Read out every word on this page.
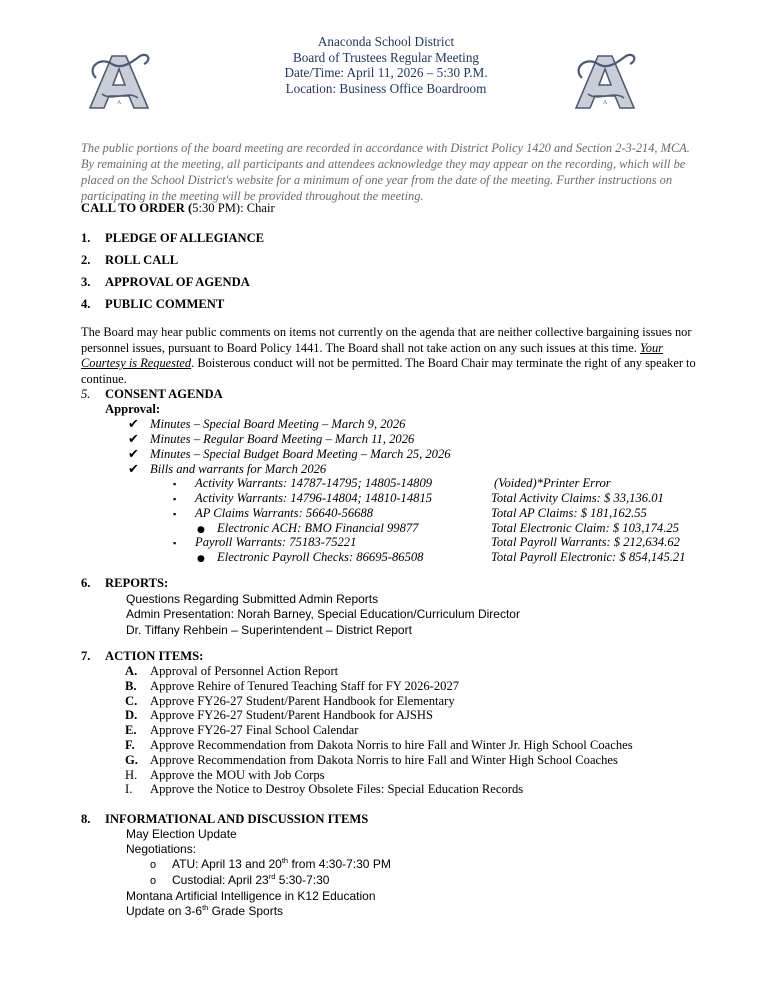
Anaconda School District
Board of Trustees Regular Meeting
Date/Time: April 11, 2026 – 5:30 P.M.
Location: Business Office Boardroom
A	A

The public portions of the board meeting are recorded in accordance with District Policy 1420 and Section 2-3-214, MCA. By remaining at the meeting, all participants and attendees acknowledge they may appear on the recording, which will be placed on the School District's website for a minimum of one year from the date of the meeting. Further instructions on participating in the meeting will be provided throughout the meeting.

CALL TO ORDER (5:30 PM): Chair
1. PLEDGE OF ALLEGIANCE
2. ROLL CALL
3. APPROVAL OF AGENDA
4. PUBLIC COMMENT

The Board may hear public comments on items not currently on the agenda that are neither collective bargaining issues nor personnel issues, pursuant to Board Policy 1441. The Board shall not take action on any such issues at this time. Your Courtesy is Requested. Boisterous conduct will not be permitted. The Board Chair may terminate the right of any speaker to continue.

5. CONSENT AGENDA
Approval:
✔ Minutes – Special Board Meeting – March 9, 2026
✔ Minutes – Regular Board Meeting – March 11, 2026
✔ Minutes – Special Budget Board Meeting – March 25, 2026
✔ Bills and warrants for March 2026
▪ Activity Warrants: 14787-14795; 14805-14809	(Voided)*Printer Error
▪ Activity Warrants: 14796-14804; 14810-14815	Total Activity Claims: $ 33,136.01
▪ AP Claims Warrants: 56640-56688	Total AP Claims: $ 181,162.55
● Electronic ACH: BMO Financial 99877	Total Electronic Claim: $ 103,174.25
▪ Payroll Warrants: 75183-75221	Total Payroll Warrants: $ 212,634.62
● Electronic Payroll Checks: 86695-86508	Total Payroll Electronic: $ 854,145.21
6. REPORTS:
Questions Regarding Submitted Admin Reports
Admin Presentation: Norah Barney, Special Education/Curriculum Director
Dr. Tiffany Rehbein – Superintendent – District Report
7. ACTION ITEMS:
A. Approval of Personnel Action Report
B. Approve Rehire of Tenured Teaching Staff for FY 2026-2027
C. Approve FY26-27 Student/Parent Handbook for Elementary
D. Approve FY26-27 Student/Parent Handbook for AJSHS
E. Approve FY26-27 Final School Calendar
F. Approve Recommendation from Dakota Norris to hire Fall and Winter Jr. High School Coaches
G. Approve Recommendation from Dakota Norris to hire Fall and Winter High School Coaches
H. Approve the MOU with Job Corps
I. Approve the Notice to Destroy Obsolete Files: Special Education Records
8. INFORMATIONAL AND DISCUSSION ITEMS
May Election Update
Negotiations:
o ATU: April 13 and 20th from 4:30-7:30 PM
o Custodial: April 23rd 5:30-7:30
Montana Artificial Intelligence in K12 Education
Update on 3-6th Grade Sports
